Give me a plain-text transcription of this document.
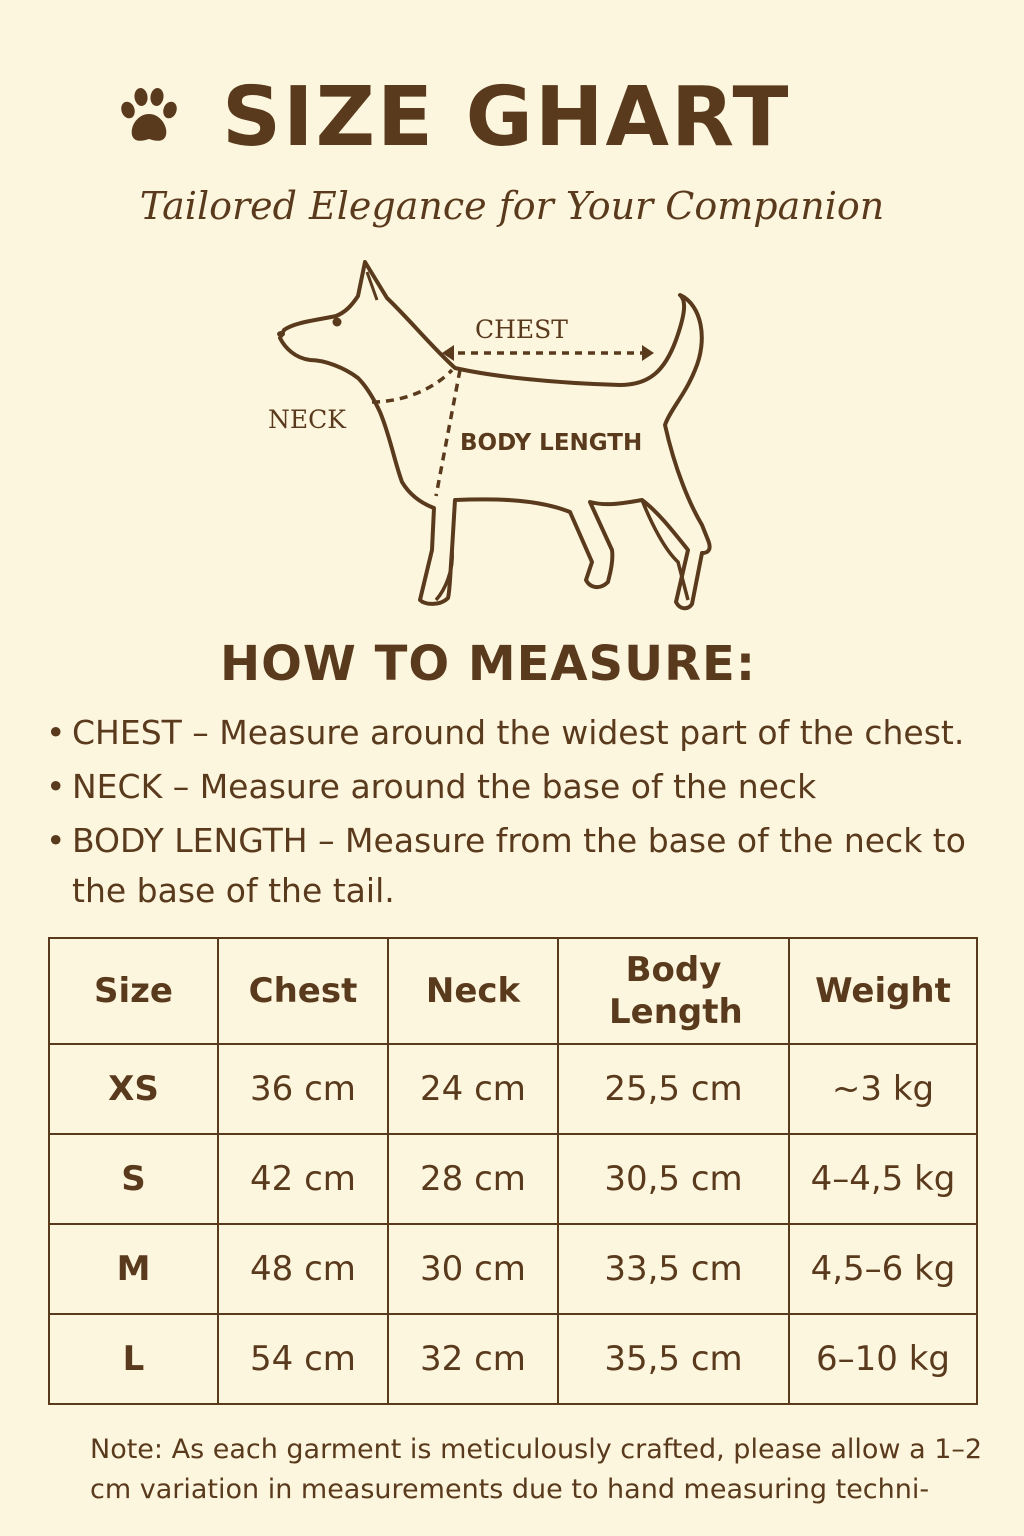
SIZE GHART
Tailored Elegance for Your Companion
CHEST
NECK
BODY LENGTH
HOW TO MEASURE:
• CHEST – Measure around the widest part of the chest.
• NECK – Measure around the base of the neck
• BODY LENGTH – Measure from the base of the neck to the base of the tail.
Size	Chest	Neck	Body Length	Weight
XS	36 cm	24 cm	25,5 cm	~3 kg
S	42 cm	28 cm	30,5 cm	4–4,5 kg
M	48 cm	30 cm	33,5 cm	4,5–6 kg
L	54 cm	32 cm	35,5 cm	6–10 kg
Note: As each garment is meticulously crafted, please allow a 1–2 cm variation in measurements due to hand measuring techni-
